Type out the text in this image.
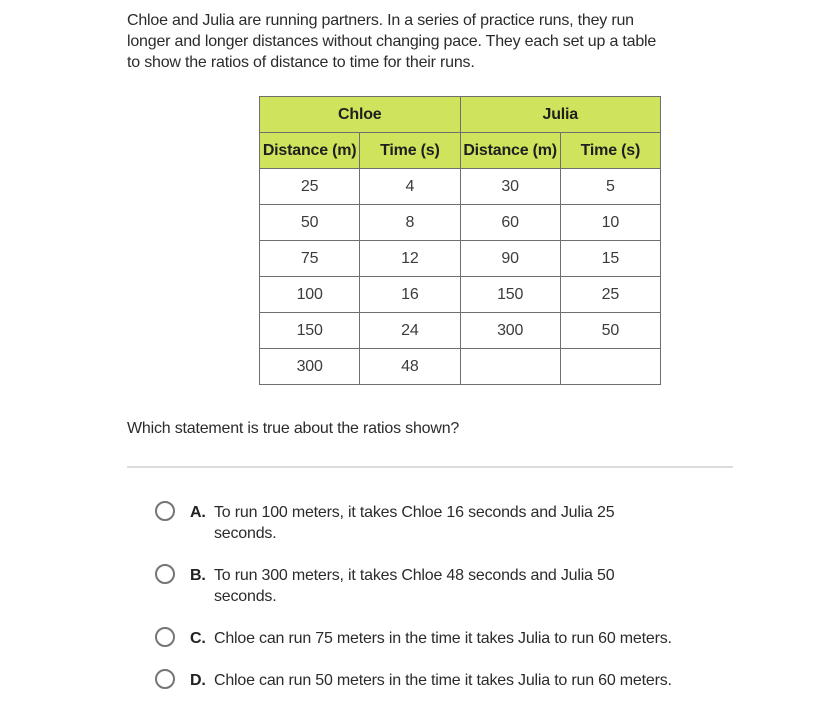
Chloe and Julia are running partners. In a series of practice runs, they run
longer and longer distances without changing pace. They each set up a table
to show the ratios of distance to time for their runs.
Chloe		Julia	
Distance (m)	Time (s)	Distance (m)	Time (s)
25	4	30	5
50	8	60	10
75	12	90	15
100	16	150	25
150	24	300	50
300	48		
Which statement is true about the ratios shown?
A. To run 100 meters, it takes Chloe 16 seconds and Julia 25
seconds.
B. To run 300 meters, it takes Chloe 48 seconds and Julia 50
seconds.
C. Chloe can run 75 meters in the time it takes Julia to run 60 meters.
D. Chloe can run 50 meters in the time it takes Julia to run 60 meters.
